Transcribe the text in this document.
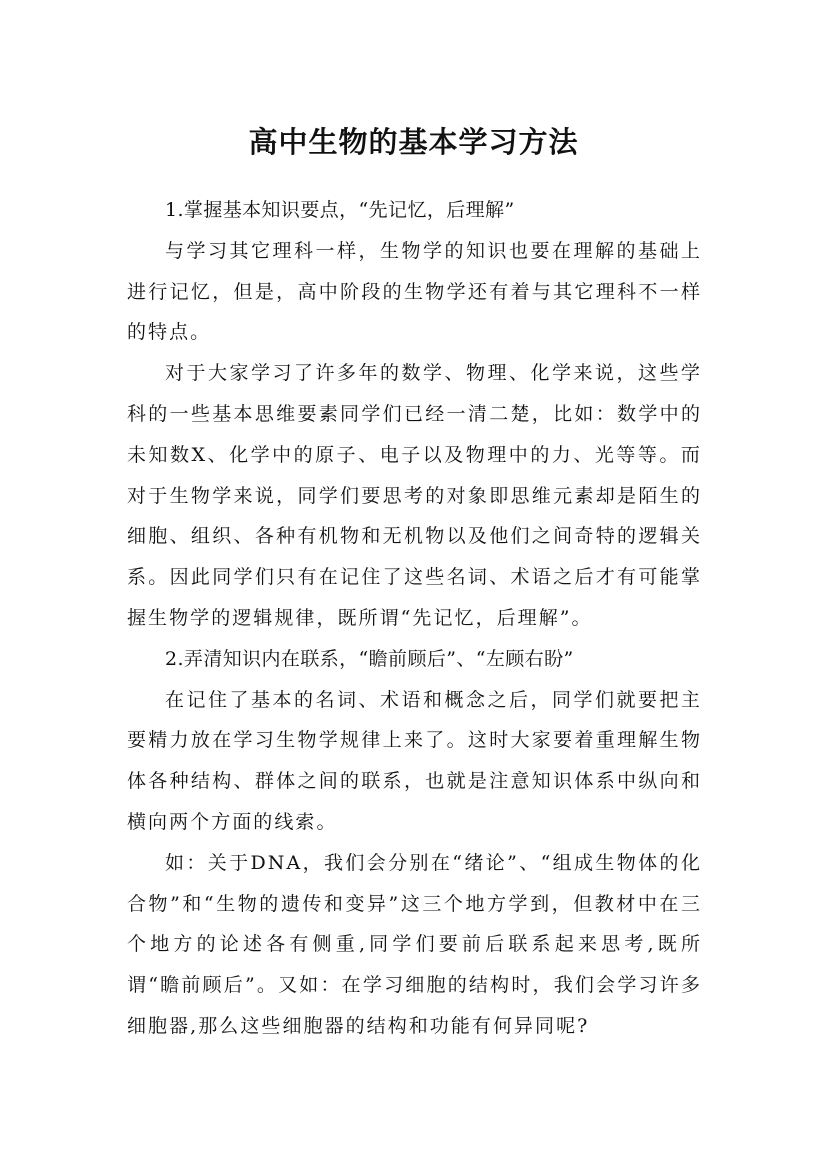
高中生物的基本学习方法

1.掌握基本知识要点，“先记忆，后理解”

与学习其它理科一样，生物学的知识也要在理解的基础上进行记忆，但是，高中阶段的生物学还有着与其它理科不一样的特点。

对于大家学习了许多年的数学、物理、化学来说，这些学科的一些基本思维要素同学们已经一清二楚，比如：数学中的未知数X、化学中的原子、电子以及物理中的力、光等等。而对于生物学来说，同学们要思考的对象即思维元素却是陌生的细胞、组织、各种有机物和无机物以及他们之间奇特的逻辑关系。因此同学们只有在记住了这些名词、术语之后才有可能掌握生物学的逻辑规律，既所谓“先记忆，后理解”。

2.弄清知识内在联系，“瞻前顾后”、“左顾右盼”

在记住了基本的名词、术语和概念之后，同学们就要把主要精力放在学习生物学规律上来了。这时大家要着重理解生物体各种结构、群体之间的联系，也就是注意知识体系中纵向和横向两个方面的线索。

如：关于DNA，我们会分别在“绪论”、“组成生物体的化合物”和“生物的遗传和变异”这三个地方学到，但教材中在三个地方的论述各有侧重,同学们要前后联系起来思考,既所谓“瞻前顾后”。又如：在学习细胞的结构时，我们会学习许多细胞器,那么这些细胞器的结构和功能有何异同呢?
